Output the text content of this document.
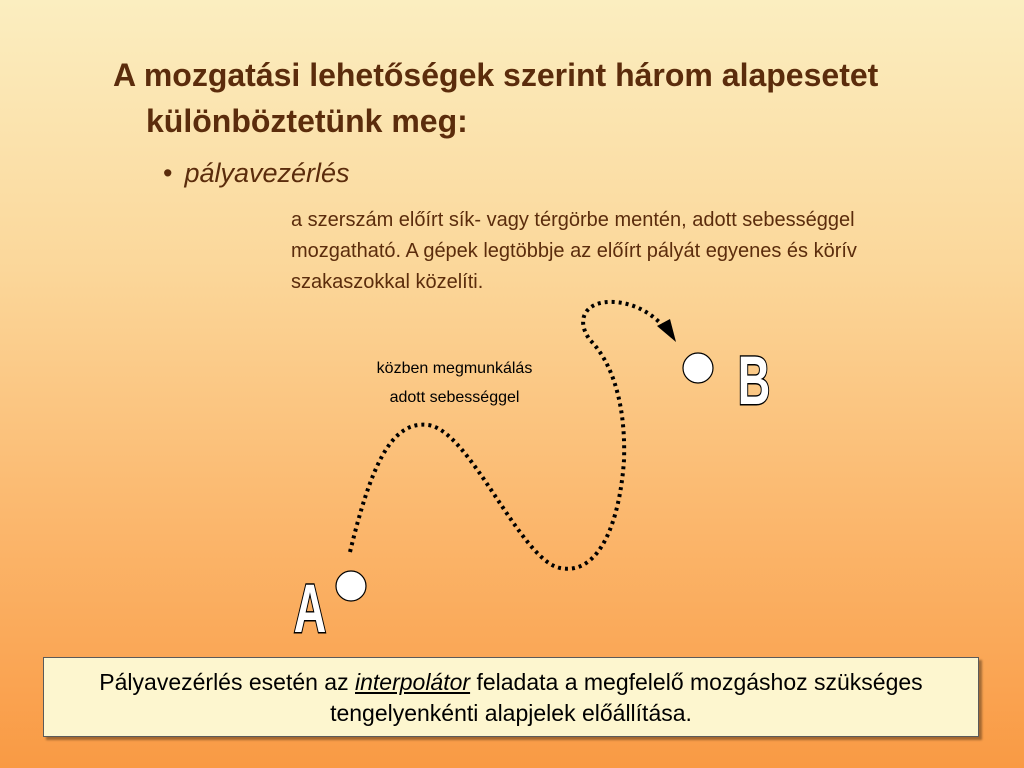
A mozgatási lehetőségek szerint három alapesetet különböztetünk meg:
• pályavezérlés
a szerszám előírt sík- vagy térgörbe mentén, adott sebességgel mozgatható. A gépek legtöbbje az előírt pályát egyenes és körív szakaszokkal közelíti.
A
B
közben megmunkálás
adott sebességgel
Pályavezérlés esetén az interpolátor feladata a megfelelő mozgáshoz szükséges tengelyenkénti alapjelek előállítása.
